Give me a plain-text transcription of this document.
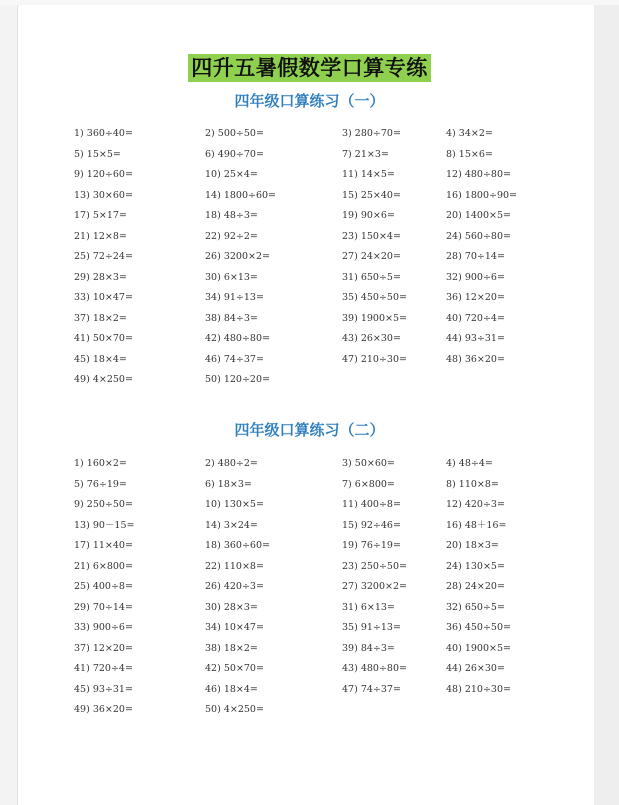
四升五暑假数学口算专练
四年级口算练习（一）
1) 360÷40=	2) 500÷50=	3) 280÷70=	4) 34×2=
5) 15×5=	6) 490÷70=	7) 21×3=	8) 15×6=
9) 120÷60=	10) 25×4=	11) 14×5=	12) 480÷80=
13) 30×60=	14) 1800÷60=	15) 25×40=	16) 1800÷90=
17) 5×17=	18) 48÷3=	19) 90×6=	20) 1400×5=
21) 12×8=	22) 92÷2=	23) 150×4=	24) 560÷80=
25) 72÷24=	26) 3200×2=	27) 24×20=	28) 70÷14=
29) 28×3=	30) 6×13=	31) 650÷5=	32) 900÷6=
33) 10×47=	34) 91÷13=	35) 450÷50=	36) 12×20=
37) 18×2=	38) 84÷3=	39) 1900×5=	40) 720÷4=
41) 50×70=	42) 480÷80=	43) 26×30=	44) 93÷31=
45) 18×4=	46) 74÷37=	47) 210÷30=	48) 36×20=
49) 4×250=	50) 120÷20=
四年级口算练习（二）
1) 160×2=	2) 480÷2=	3) 50×60=	4) 48÷4=
5) 76÷19=	6) 18×3=	7) 6×800=	8) 110×8=
9) 250÷50=	10) 130×5=	11) 400÷8=	12) 420÷3=
13) 90－15=	14) 3×24=	15) 92÷46=	16) 48＋16=
17) 11×40=	18) 360÷60=	19) 76÷19=	20) 18×3=
21) 6×800=	22) 110×8=	23) 250÷50=	24) 130×5=
25) 400÷8=	26) 420÷3=	27) 3200×2=	28) 24×20=
29) 70÷14=	30) 28×3=	31) 6×13=	32) 650÷5=
33) 900÷6=	34) 10×47=	35) 91÷13=	36) 450÷50=
37) 12×20=	38) 18×2=	39) 84÷3=	40) 1900×5=
41) 720÷4=	42) 50×70=	43) 480÷80=	44) 26×30=
45) 93÷31=	46) 18×4=	47) 74÷37=	48) 210÷30=
49) 36×20=	50) 4×250=
